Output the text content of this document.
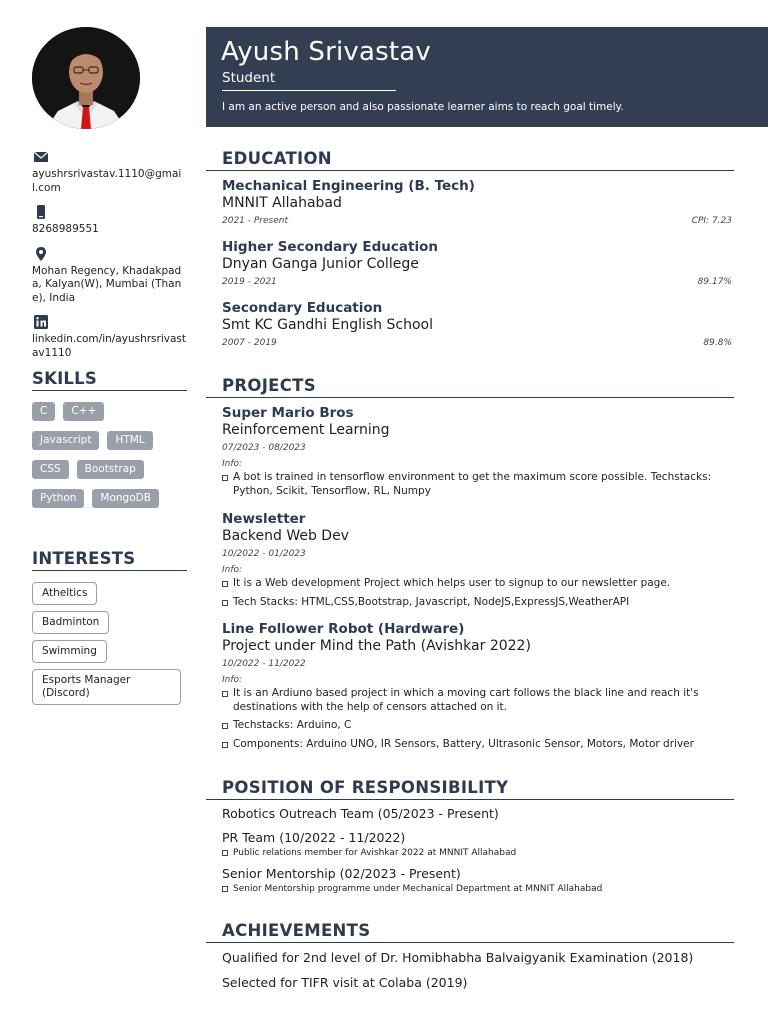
ayushrsrivastav.1110@gmail.com
8268989551
Mohan Regency, Khadakpada, Kalyan(W), Mumbai (Thane), India
linkedin.com/in/ayushrsrivastav1110
SKILLS
C	C++
Javascript	HTML
CSS	Bootstrap
Python	MongoDB
INTERESTS
Atheltics
Badminton
Swimming
Esports Manager (Discord)
Ayush Srivastav
Student
I am an active person and also passionate learner aims to reach goal timely.
EDUCATION
Mechanical Engineering (B. Tech)
MNNIT Allahabad
2021 - Present	CPI: 7.23
Higher Secondary Education
Dnyan Ganga Junior College
2019 - 2021	89.17%
Secondary Education
Smt KC Gandhi English School
2007 - 2019	89.8%
PROJECTS
Super Mario Bros
Reinforcement Learning
07/2023 - 08/2023
Info:
A bot is trained in tensorflow environment to get the maximum score possible. Techstacks: Python, Scikit, Tensorflow, RL, Numpy
Newsletter
Backend Web Dev
10/2022 - 01/2023
Info:
It is a Web development Project which helps user to signup to our newsletter page.
Tech Stacks: HTML,CSS,Bootstrap, Javascript, NodeJS,ExpressJS,WeatherAPI
Line Follower Robot (Hardware)
Project under Mind the Path (Avishkar 2022)
10/2022 - 11/2022
Info:
It is an Ardiuno based project in which a moving cart follows the black line and reach it's destinations with the help of censors attached on it.
Techstacks: Arduino, C
Components: Arduino UNO, IR Sensors, Battery, Ultrasonic Sensor, Motors, Motor driver
POSITION OF RESPONSIBILITY
Robotics Outreach Team (05/2023 - Present)
PR Team (10/2022 - 11/2022)
Public relations member for Avishkar 2022 at MNNIT Allahabad
Senior Mentorship (02/2023 - Present)
Senior Mentorship programme under Mechanical Department at MNNIT Allahabad
ACHIEVEMENTS
Qualified for 2nd level of Dr. Homibhabha Balvaigyanik Examination (2018)
Selected for TIFR visit at Colaba (2019)
